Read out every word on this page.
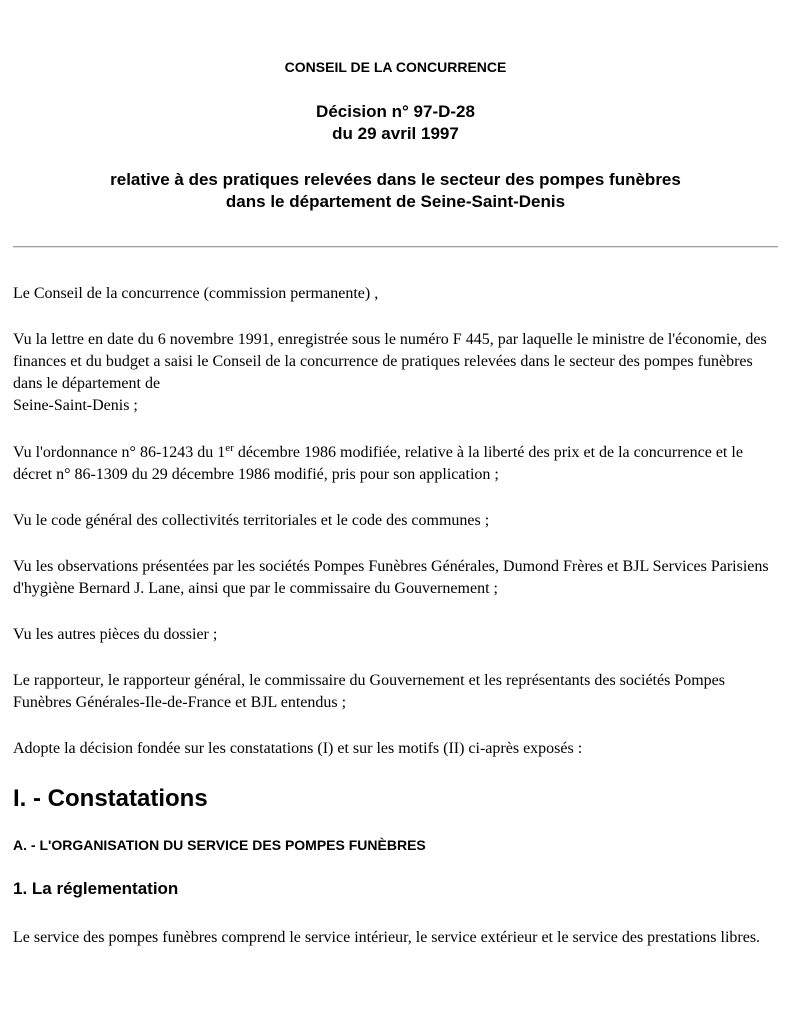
CONSEIL DE LA CONCURRENCE
Décision n° 97-D-28
du 29 avril 1997
relative à des pratiques relevées dans le secteur des pompes funèbres
dans le département de Seine-Saint-Denis

Le Conseil de la concurrence (commission permanente) ,

Vu la lettre en date du 6 novembre 1991, enregistrée sous le numéro F 445, par laquelle le ministre de l'économie, des finances et du budget a saisi le Conseil de la concurrence de pratiques relevées dans le secteur des pompes funèbres dans le département de
Seine-Saint-Denis ;

Vu l'ordonnance n° 86-1243 du 1er décembre 1986 modifiée, relative à la liberté des prix et de la concurrence et le décret n° 86-1309 du 29 décembre 1986 modifié, pris pour son application ;

Vu le code général des collectivités territoriales et le code des communes ;

Vu les observations présentées par les sociétés Pompes Funèbres Générales, Dumond Frères et BJL Services Parisiens d'hygiène Bernard J. Lane, ainsi que par le commissaire du Gouvernement ;

Vu les autres pièces du dossier ;

Le rapporteur, le rapporteur général, le commissaire du Gouvernement et les représentants des sociétés Pompes Funèbres Générales-Ile-de-France et BJL entendus ;

Adopte la décision fondée sur les constatations (I) et sur les motifs (II) ci-après exposés :

I. - Constatations
A. - L'ORGANISATION DU SERVICE DES POMPES FUNÈBRES
1. La réglementation

Le service des pompes funèbres comprend le service intérieur, le service extérieur et le service des prestations libres.
